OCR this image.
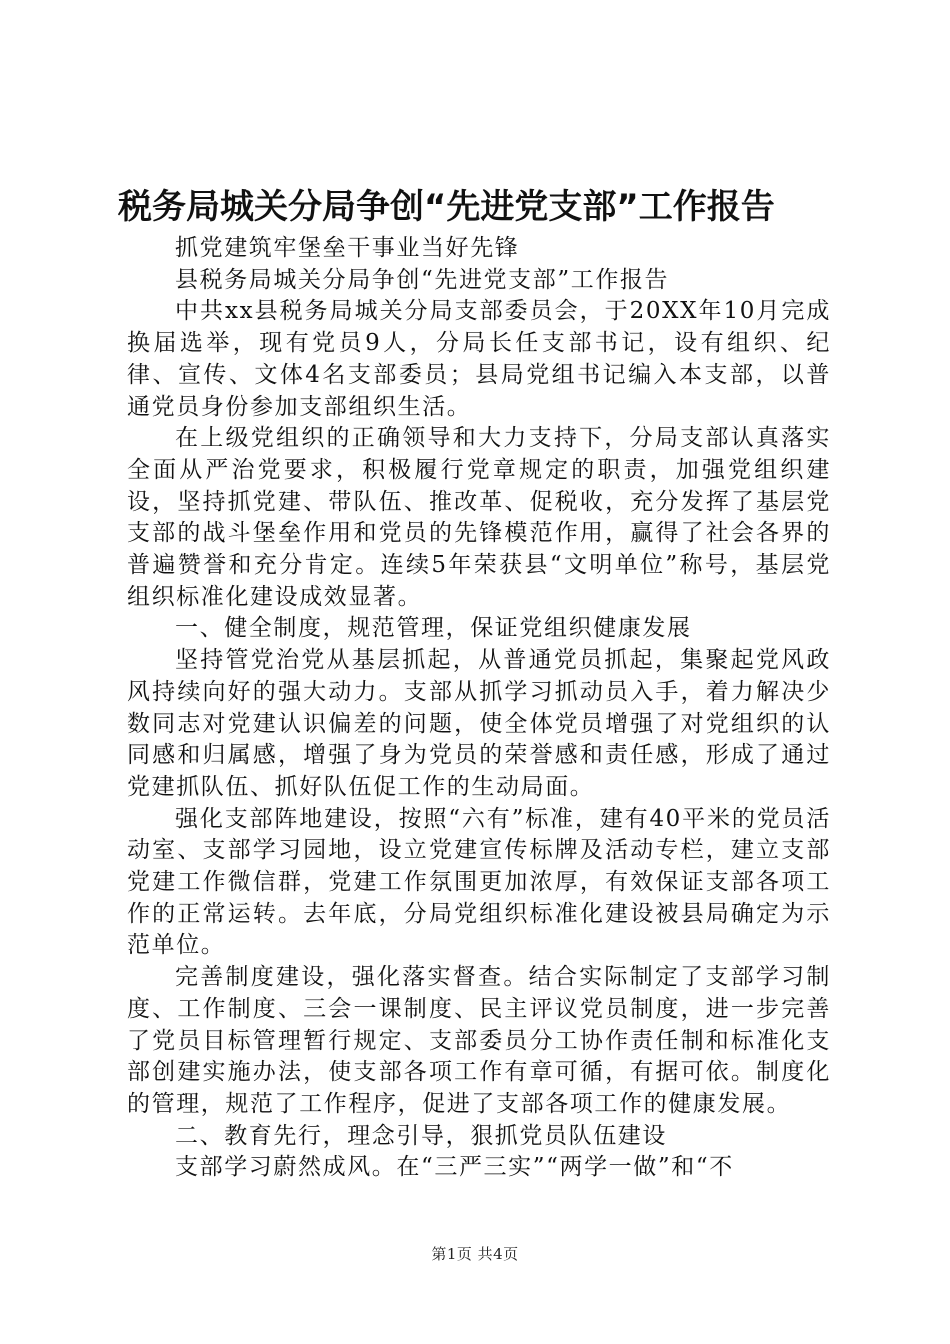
税务局城关分局争创“先进党支部”工作报告

抓党建筑牢堡垒干事业当好先锋

县税务局城关分局争创“先进党支部”工作报告

中共xx县税务局城关分局支部委员会，于20XX年10月完成换届选举，现有党员9人，分局长任支部书记，设有组织、纪律、宣传、文体4名支部委员；县局党组书记编入本支部，以普通党员身份参加支部组织生活。

在上级党组织的正确领导和大力支持下，分局支部认真落实全面从严治党要求，积极履行党章规定的职责，加强党组织建设，坚持抓党建、带队伍、推改革、促税收，充分发挥了基层党支部的战斗堡垒作用和党员的先锋模范作用，赢得了社会各界的普遍赞誉和充分肯定。连续5年荣获县“文明单位”称号，基层党组织标准化建设成效显著。

一、健全制度，规范管理，保证党组织健康发展

坚持管党治党从基层抓起，从普通党员抓起，集聚起党风政风持续向好的强大动力。支部从抓学习抓动员入手，着力解决少数同志对党建认识偏差的问题，使全体党员增强了对党组织的认同感和归属感，增强了身为党员的荣誉感和责任感，形成了通过党建抓队伍、抓好队伍促工作的生动局面。

强化支部阵地建设，按照“六有”标准，建有40平米的党员活动室、支部学习园地，设立党建宣传标牌及活动专栏，建立支部党建工作微信群，党建工作氛围更加浓厚，有效保证支部各项工作的正常运转。去年底，分局党组织标准化建设被县局确定为示范单位。

完善制度建设，强化落实督查。结合实际制定了支部学习制度、工作制度、三会一课制度、民主评议党员制度，进一步完善了党员目标管理暂行规定、支部委员分工协作责任制和标准化支部创建实施办法，使支部各项工作有章可循，有据可依。制度化的管理，规范了工作程序，促进了支部各项工作的健康发展。

二、教育先行，理念引导，狠抓党员队伍建设

支部学习蔚然成风。在“三严三实”“两学一做”和“不

第1页 共4页
